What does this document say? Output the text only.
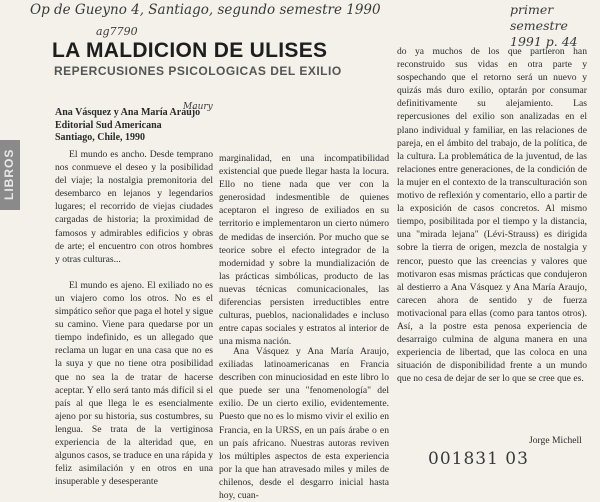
Op de Gueyno 4, Santiago, segundo semestre 1990	primer semestre 1991 p. 44
ag7790
Maury
LA MALDICION DE ULISES
REPERCUSIONES PSICOLOGICAS DEL EXILIO
LIBROS
Ana Vásquez y Ana María Araujo
Editorial Sud Americana
Santiago, Chile, 1990

El mundo es ancho. Desde temprano nos conmueve el deseo y la posibilidad del viaje; la nostalgia premonitoria del desembarco en lejanos y legendarios lugares; el recorrido de viejas ciudades cargadas de historia; la proximidad de famosos y admirables edificios y obras de arte; el encuentro con otros hombres y otras culturas...

El mundo es ajeno. El exiliado no es un viajero como los otros. No es el simpático señor que paga el hotel y sigue su camino. Viene para quedarse por un tiempo indefinido, es un allegado que reclama un lugar en una casa que no es la suya y que no tiene otra posibilidad que no sea la de tratar de hacerse aceptar. Y ello será tanto más difícil si el país al que llega le es esencialmente ajeno por su historia, sus costumbres, su lengua. Se trata de la vertiginosa experiencia de la alteridad que, en algunos casos, se traduce en una rápida y feliz asimilación y en otros en una insuperable y desesperante

marginalidad, en una incompatibilidad existencial que puede llegar hasta la locura. Ello no tiene nada que ver con la generosidad indesmentible de quienes aceptaron el ingreso de exiliados en su territorio e implementaron un cierto número de medidas de inserción. Por mucho que se teorice sobre el efecto integrador de la modernidad y sobre la mundialización de las prácticas simbólicas, producto de las nuevas técnicas comunicacionales, las diferencias persisten irreductibles entre culturas, pueblos, nacionalidades e incluso entre capas sociales y estratos al interior de una misma nación.

Ana Vásquez y Ana María Araujo, exiliadas latinoamericanas en Francia describen con minuciosidad en este libro lo que puede ser una "fenomenología" del exilio. De un cierto exilio, evidentemente. Puesto que no es lo mismo vivir el exilio en Francia, en la URSS, en un país árabe o en un país africano. Nuestras autoras reviven los múltiples aspectos de esta experiencia por la que han atravesado miles y miles de chilenos, desde el desgarro inicial hasta hoy, cuan-

do ya muchos de los que partieron han reconstruido sus vidas en otra parte y sospechando que el retorno será un nuevo y quizás más duro exilio, optarán por consumar definitivamente su alejamiento. Las repercusiones del exilio son analizadas en el plano individual y familiar, en las relaciones de pareja, en el ámbito del trabajo, de la política, de la cultura. La problemática de la juventud, de las relaciones entre generaciones, de la condición de la mujer en el contexto de la transculturación son motivo de reflexión y comentario, ello a partir de la exposición de casos concretos. Al mismo tiempo, posibilitada por el tiempo y la distancia, una "mirada lejana" (Lévi-Strauss) es dirigida sobre la tierra de origen, mezcla de nostalgia y rencor, puesto que las creencias y valores que motivaron esas mismas prácticas que condujeron al destierro a Ana Vásquez y Ana María Araujo, carecen ahora de sentido y de fuerza motivacional para ellas (como para tantos otros). Así, a la postre esta penosa experiencia de desarraigo culmina de alguna manera en una experiencia de libertad, que las coloca en una situación de disponibilidad frente a un mundo que no cesa de dejar de ser lo que se cree que es.

Jorge Michell
001831 03
